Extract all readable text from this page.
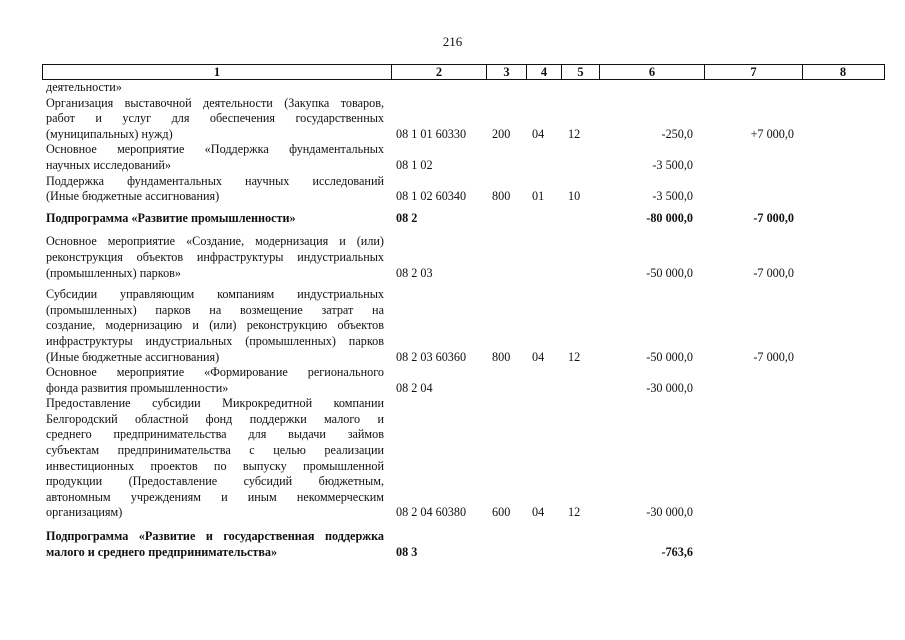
216
1	2	3	4	5	6	7	8
деятельности»
Организация выставочной деятельности (Закупка товаров,
работ и услуг для обеспечения государственных
(муниципальных) нужд)	08 1 01 60330 200 04 12	-250,0	+7 000,0
Основное мероприятие «Поддержка фундаментальных
научных исследований»	08 1 02	-3 500,0
Поддержка фундаментальных научных исследований
(Иные бюджетные ассигнования)	08 1 02 60340 800 01 10	-3 500,0
Подпрограмма «Развитие промышленности»	08 2	-80 000,0	-7 000,0
Основное мероприятие «Создание, модернизация и (или)
реконструкция объектов инфраструктуры индустриальных
(промышленных) парков»	08 2 03	-50 000,0	-7 000,0
Субсидии управляющим компаниям индустриальных
(промышленных) парков на возмещение затрат на
создание, модернизацию и (или) реконструкцию объектов
инфраструктуры индустриальных (промышленных) парков
(Иные бюджетные ассигнования)	08 2 03 60360 800 04 12	-50 000,0	-7 000,0
Основное мероприятие «Формирование регионального
фонда развития промышленности»	08 2 04	-30 000,0
Предоставление субсидии Микрокредитной компании
Белгородский областной фонд поддержки малого и
среднего предпринимательства для выдачи займов
субъектам предпринимательства с целью реализации
инвестиционных проектов по выпуску промышленной
продукции (Предоставление субсидий бюджетным,
автономным учреждениям и иным некоммерческим
организациям)	08 2 04 60380 600 04 12	-30 000,0
Подпрограмма «Развитие и государственная поддержка
малого и среднего предпринимательства»	08 3	-763,6
